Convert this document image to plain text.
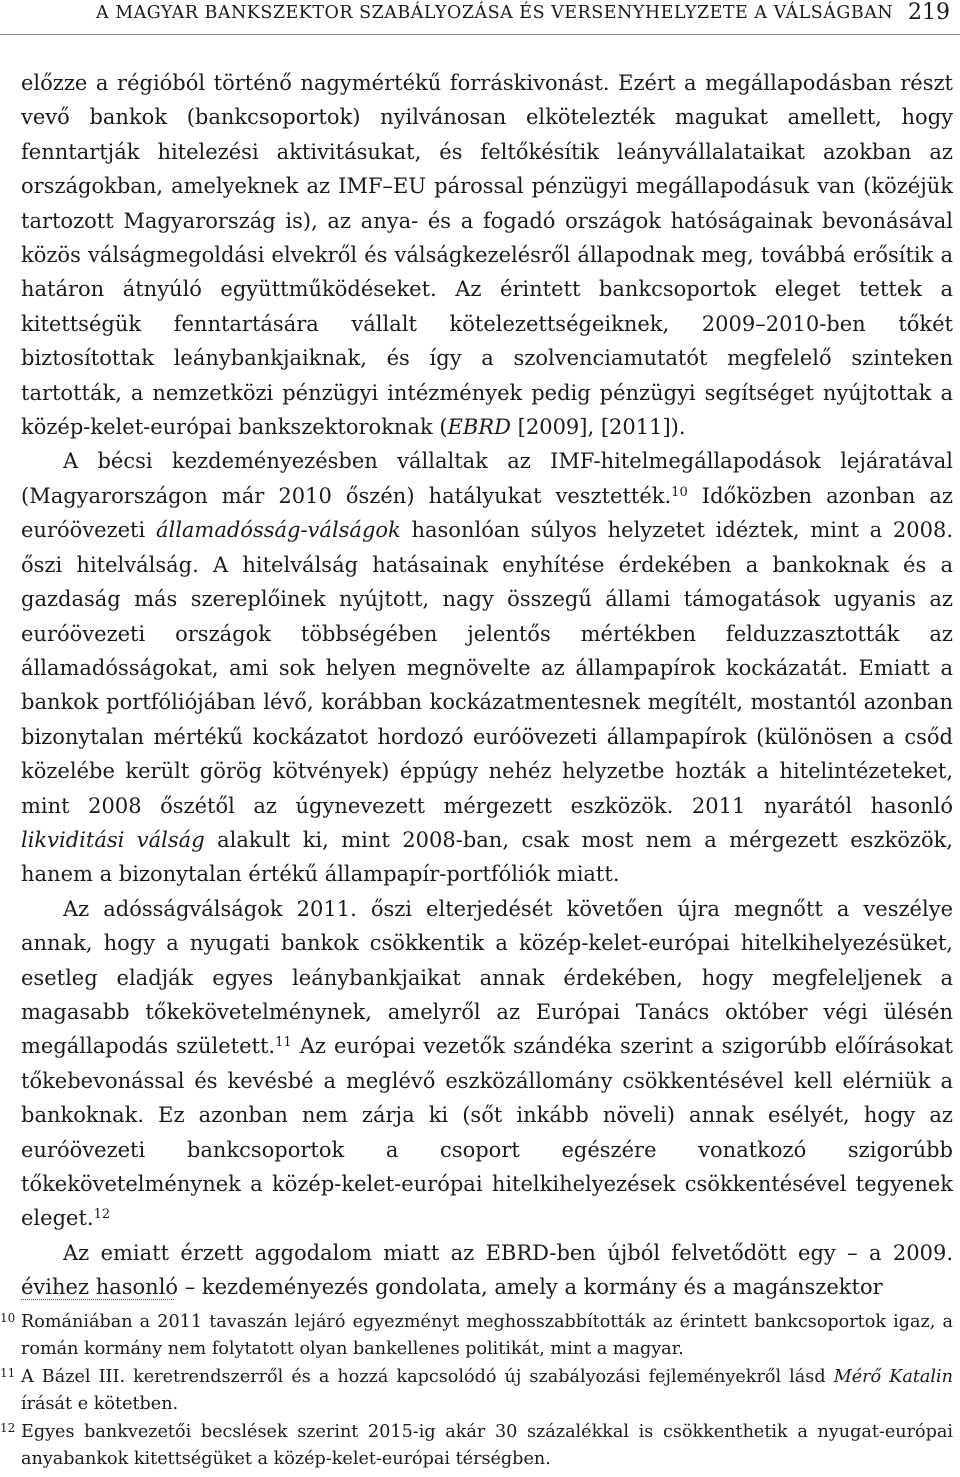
A MAGYAR BANKSZEKTOR SZABÁLYOZÁSA ÉS VERSENYHELYZETE A VÁLSÁGBAN 219

előzze a régióból történő nagymértékű forráskivonást. Ezért a megállapodásban részt vevő bankok (bankcsoportok) nyilvánosan elkötelezték magukat amellett, hogy fenntartják hitelezési aktivitásukat, és feltőkésítik leányvállalataikat azokban az országokban, amelyeknek az IMF–EU párossal pénzügyi megállapodásuk van (közéjük tartozott Magyarország is), az anya- és a fogadó országok hatóságainak bevonásával közös válságmegoldási elvekről és válságkezelésről állapodnak meg, továbbá erősítik a határon átnyúló együttműködéseket. Az érintett bankcsoportok eleget tettek a kitettségük fenntartására vállalt kötelezettségeiknek, 2009–2010-ben tőkét biztosítottak leánybankjaiknak, és így a szolvenciamutatót megfelelő szinteken tartották, a nemzetközi pénzügyi intézmények pedig pénzügyi segítséget nyújtottak a közép-kelet-európai bankszektoroknak (EBRD [2009], [2011]).

A bécsi kezdeményezésben vállaltak az IMF-hitelmegállapodások lejáratával (Magyarországon már 2010 őszén) hatályukat vesztették.$^{10}$ Időközben azonban az euróövezeti államadósság-válságok hasonlóan súlyos helyzetet idéztek, mint a 2008. őszi hitelválság. A hitelválság hatásainak enyhítése érdekében a bankoknak és a gazdaság más szereplőinek nyújtott, nagy összegű állami támogatások ugyanis az euróövezeti országok többségében jelentős mértékben felduzzasztották az államadósságokat, ami sok helyen megnövelte az állampapírok kockázatát. Emiatt a bankok portfóliójában lévő, korábban kockázatmentesnek megítélt, mostantól azonban bizonytalan mértékű kockázatot hordozó euróövezeti állampapírok (különösen a csőd közelébe került görög kötvények) éppúgy nehéz helyzetbe hozták a hitelintézeteket, mint 2008 őszétől az úgynevezett mérgezett eszközök. 2011 nyarától hasonló likviditási válság alakult ki, mint 2008-ban, csak most nem a mérgezett eszközök, hanem a bizonytalan értékű állampapír-portfóliók miatt.

Az adósságválságok 2011. őszi elterjedését követően újra megnőtt a veszélye annak, hogy a nyugati bankok csökkentik a közép-kelet-európai hitelkihelyezésüket, esetleg eladják egyes leánybankjaikat annak érdekében, hogy megfeleljenek a magasabb tőkekövetelménynek, amelyről az Európai Tanács október végi ülésén megállapodás született.$^{11}$ Az európai vezetők szándéka szerint a szigorúbb előírásokat tőkebevonással és kevésbé a meglévő eszközállomány csökkentésével kell elérniük a bankoknak. Ez azonban nem zárja ki (sőt inkább növeli) annak esélyét, hogy az euróövezeti bankcsoportok a csoport egészére vonatkozó szigorúbb tőkekövetelménynek a közép-kelet-európai hitelkihelyezések csökkentésével tegyenek eleget.$^{12}$

Az emiatt érzett aggodalom miatt az EBRD-ben újból felvetődött egy – a 2009. évihez hasonló – kezdeményezés gondolata, amely a kormány és a magánszektor

10 Romániában a 2011 tavaszán lejáró egyezményt meghosszabbították az érintett bankcsoportok igaz, a román kormány nem folytatott olyan bankellenes politikát, mint a magyar.
11 A Bázel III. keretrendszerről és a hozzá kapcsolódó új szabályozási fejleményekről lásd Mérő Katalin írását e kötetben.
12 Egyes bankvezetői becslések szerint 2015-ig akár 30 százalékkal is csökkenthetik a nyugat-európai anyabankok kitettségüket a közép-kelet-európai térségben.
